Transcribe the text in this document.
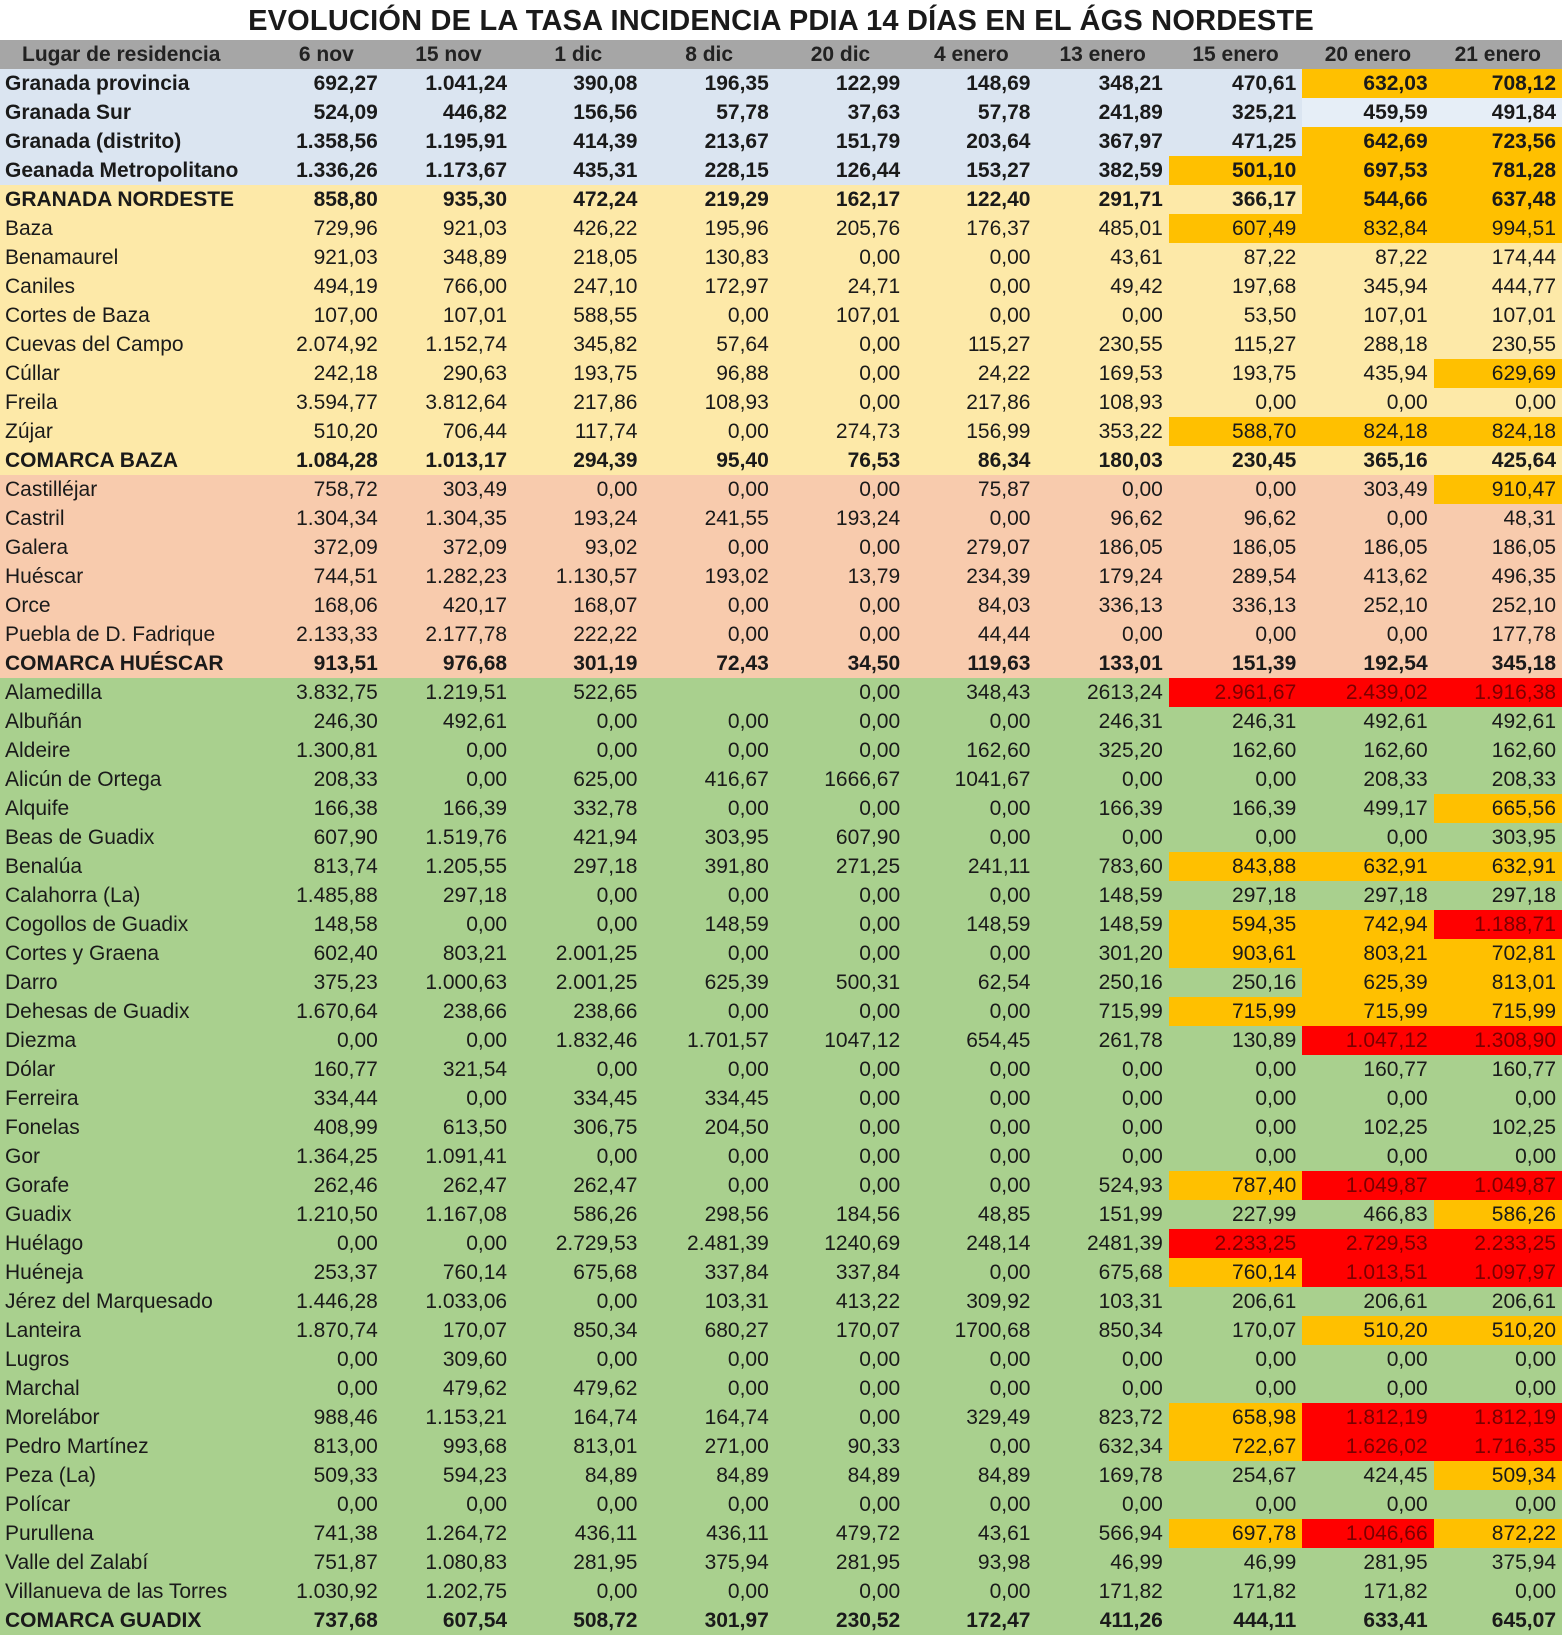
EVOLUCIÓN DE LA TASA INCIDENCIA PDIA 14 DÍAS EN EL ÁGS NORDESTE
Lugar de residencia	6 nov	15 nov	1 dic	8 dic	20 dic	4 enero	13 enero	15 enero	20 enero	21 enero
Granada provincia	692,27	1.041,24	390,08	196,35	122,99	148,69	348,21	470,61	632,03	708,12
Granada Sur	524,09	446,82	156,56	57,78	37,63	57,78	241,89	325,21	459,59	491,84
Granada (distrito)	1.358,56	1.195,91	414,39	213,67	151,79	203,64	367,97	471,25	642,69	723,56
Geanada Metropolitano	1.336,26	1.173,67	435,31	228,15	126,44	153,27	382,59	501,10	697,53	781,28
GRANADA NORDESTE	858,80	935,30	472,24	219,29	162,17	122,40	291,71	366,17	544,66	637,48
Baza	729,96	921,03	426,22	195,96	205,76	176,37	485,01	607,49	832,84	994,51
Benamaurel	921,03	348,89	218,05	130,83	0,00	0,00	43,61	87,22	87,22	174,44
Caniles	494,19	766,00	247,10	172,97	24,71	0,00	49,42	197,68	345,94	444,77
Cortes de Baza	107,00	107,01	588,55	0,00	107,01	0,00	0,00	53,50	107,01	107,01
Cuevas del Campo	2.074,92	1.152,74	345,82	57,64	0,00	115,27	230,55	115,27	288,18	230,55
Cúllar	242,18	290,63	193,75	96,88	0,00	24,22	169,53	193,75	435,94	629,69
Freila	3.594,77	3.812,64	217,86	108,93	0,00	217,86	108,93	0,00	0,00	0,00
Zújar	510,20	706,44	117,74	0,00	274,73	156,99	353,22	588,70	824,18	824,18
COMARCA BAZA	1.084,28	1.013,17	294,39	95,40	76,53	86,34	180,03	230,45	365,16	425,64
Castilléjar	758,72	303,49	0,00	0,00	0,00	75,87	0,00	0,00	303,49	910,47
Castril	1.304,34	1.304,35	193,24	241,55	193,24	0,00	96,62	96,62	0,00	48,31
Galera	372,09	372,09	93,02	0,00	0,00	279,07	186,05	186,05	186,05	186,05
Huéscar	744,51	1.282,23	1.130,57	193,02	13,79	234,39	179,24	289,54	413,62	496,35
Orce	168,06	420,17	168,07	0,00	0,00	84,03	336,13	336,13	252,10	252,10
Puebla de D. Fadrique	2.133,33	2.177,78	222,22	0,00	0,00	44,44	0,00	0,00	0,00	177,78
COMARCA HUÉSCAR	913,51	976,68	301,19	72,43	34,50	119,63	133,01	151,39	192,54	345,18
Alamedilla	3.832,75	1.219,51	522,65		0,00	348,43	2613,24	2.961,67	2.439,02	1.916,38
Albuñán	246,30	492,61	0,00	0,00	0,00	0,00	246,31	246,31	492,61	492,61
Aldeire	1.300,81	0,00	0,00	0,00	0,00	162,60	325,20	162,60	162,60	162,60
Alicún de Ortega	208,33	0,00	625,00	416,67	1666,67	1041,67	0,00	0,00	208,33	208,33
Alquife	166,38	166,39	332,78	0,00	0,00	0,00	166,39	166,39	499,17	665,56
Beas de Guadix	607,90	1.519,76	421,94	303,95	607,90	0,00	0,00	0,00	0,00	303,95
Benalúa	813,74	1.205,55	297,18	391,80	271,25	241,11	783,60	843,88	632,91	632,91
Calahorra (La)	1.485,88	297,18	0,00	0,00	0,00	0,00	148,59	297,18	297,18	297,18
Cogollos de Guadix	148,58	0,00	0,00	148,59	0,00	148,59	148,59	594,35	742,94	1.188,71
Cortes y Graena	602,40	803,21	2.001,25	0,00	0,00	0,00	301,20	903,61	803,21	702,81
Darro	375,23	1.000,63	2.001,25	625,39	500,31	62,54	250,16	250,16	625,39	813,01
Dehesas de Guadix	1.670,64	238,66	238,66	0,00	0,00	0,00	715,99	715,99	715,99	715,99
Diezma	0,00	0,00	1.832,46	1.701,57	1047,12	654,45	261,78	130,89	1.047,12	1.308,90
Dólar	160,77	321,54	0,00	0,00	0,00	0,00	0,00	0,00	160,77	160,77
Ferreira	334,44	0,00	334,45	334,45	0,00	0,00	0,00	0,00	0,00	0,00
Fonelas	408,99	613,50	306,75	204,50	0,00	0,00	0,00	0,00	102,25	102,25
Gor	1.364,25	1.091,41	0,00	0,00	0,00	0,00	0,00	0,00	0,00	0,00
Gorafe	262,46	262,47	262,47	0,00	0,00	0,00	524,93	787,40	1.049,87	1.049,87
Guadix	1.210,50	1.167,08	586,26	298,56	184,56	48,85	151,99	227,99	466,83	586,26
Huélago	0,00	0,00	2.729,53	2.481,39	1240,69	248,14	2481,39	2.233,25	2.729,53	2.233,25
Huéneja	253,37	760,14	675,68	337,84	337,84	0,00	675,68	760,14	1.013,51	1.097,97
Jérez del Marquesado	1.446,28	1.033,06	0,00	103,31	413,22	309,92	103,31	206,61	206,61	206,61
Lanteira	1.870,74	170,07	850,34	680,27	170,07	1700,68	850,34	170,07	510,20	510,20
Lugros	0,00	309,60	0,00	0,00	0,00	0,00	0,00	0,00	0,00	0,00
Marchal	0,00	479,62	479,62	0,00	0,00	0,00	0,00	0,00	0,00	0,00
Morelábor	988,46	1.153,21	164,74	164,74	0,00	329,49	823,72	658,98	1.812,19	1.812,19
Pedro Martínez	813,00	993,68	813,01	271,00	90,33	0,00	632,34	722,67	1.626,02	1.716,35
Peza (La)	509,33	594,23	84,89	84,89	84,89	84,89	169,78	254,67	424,45	509,34
Polícar	0,00	0,00	0,00	0,00	0,00	0,00	0,00	0,00	0,00	0,00
Purullena	741,38	1.264,72	436,11	436,11	479,72	43,61	566,94	697,78	1.046,66	872,22
Valle del Zalabí	751,87	1.080,83	281,95	375,94	281,95	93,98	46,99	46,99	281,95	375,94
Villanueva de las Torres	1.030,92	1.202,75	0,00	0,00	0,00	0,00	171,82	171,82	171,82	0,00
COMARCA GUADIX	737,68	607,54	508,72	301,97	230,52	172,47	411,26	444,11	633,41	645,07
